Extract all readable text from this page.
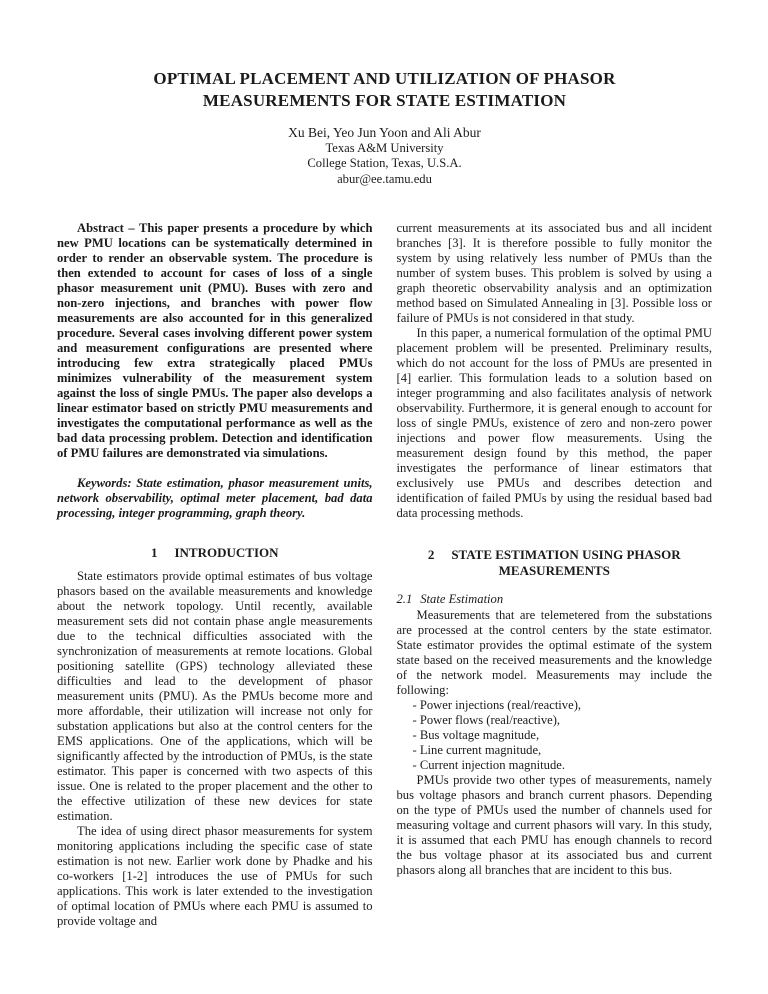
OPTIMAL PLACEMENT AND UTILIZATION OF PHASOR MEASUREMENTS FOR STATE ESTIMATION
Xu Bei, Yeo Jun Yoon and Ali Abur
Texas A&M University
College Station, Texas, U.S.A.
abur@ee.tamu.edu

Abstract – This paper presents a procedure by which new PMU locations can be systematically determined in order to render an observable system. The procedure is then extended to account for cases of loss of a single phasor measurement unit (PMU). Buses with zero and non-zero injections, and branches with power flow measurements are also accounted for in this generalized procedure. Several cases involving different power system and measurement configurations are presented where introducing few extra strategically placed PMUs minimizes vulnerability of the measurement system against the loss of single PMUs. The paper also develops a linear estimator based on strictly PMU measurements and investigates the computational performance as well as the bad data processing problem. Detection and identification of PMU failures are demonstrated via simulations.

Keywords: State estimation, phasor measurement units, network observability, optimal meter placement, bad data processing, integer programming, graph theory.

1 INTRODUCTION

State estimators provide optimal estimates of bus voltage phasors based on the available measurements and knowledge about the network topology. Until recently, available measurement sets did not contain phase angle measurements due to the technical difficulties associated with the synchronization of measurements at remote locations. Global positioning satellite (GPS) technology alleviated these difficulties and lead to the development of phasor measurement units (PMU). As the PMUs become more and more affordable, their utilization will increase not only for substation applications but also at the control centers for the EMS applications. One of the applications, which will be significantly affected by the introduction of PMUs, is the state estimator. This paper is concerned with two aspects of this issue. One is related to the proper placement and the other to the effective utilization of these new devices for state estimation.

The idea of using direct phasor measurements for system monitoring applications including the specific case of state estimation is not new. Earlier work done by Phadke and his co-workers [1-2] introduces the use of PMUs for such applications. This work is later extended to the investigation of optimal location of PMUs where each PMU is assumed to provide voltage and

current measurements at its associated bus and all incident branches [3]. It is therefore possible to fully monitor the system by using relatively less number of PMUs than the number of system buses. This problem is solved by using a graph theoretic observability analysis and an optimization method based on Simulated Annealing in [3]. Possible loss or failure of PMUs is not considered in that study.

In this paper, a numerical formulation of the optimal PMU placement problem will be presented. Preliminary results, which do not account for the loss of PMUs are presented in [4] earlier. This formulation leads to a solution based on integer programming and also facilitates analysis of network observability. Furthermore, it is general enough to account for loss of single PMUs, existence of zero and non-zero power injections and power flow measurements. Using the measurement design found by this method, the paper investigates the performance of linear estimators that exclusively use PMUs and describes detection and identification of failed PMUs by using the residual based bad data processing methods.

2 STATE ESTIMATION USING PHASOR MEASUREMENTS
2.1 State Estimation

Measurements that are telemetered from the substations are processed at the control centers by the state estimator. State estimator provides the optimal estimate of the system state based on the received measurements and the knowledge of the network model. Measurements may include the following:

- Power injections (real/reactive),
- Power flows (real/reactive),
- Bus voltage magnitude,
- Line current magnitude,
- Current injection magnitude.

PMUs provide two other types of measurements, namely bus voltage phasors and branch current phasors. Depending on the type of PMUs used the number of channels used for measuring voltage and current phasors will vary. In this study, it is assumed that each PMU has enough channels to record the bus voltage phasor at its associated bus and current phasors along all branches that are incident to this bus.
